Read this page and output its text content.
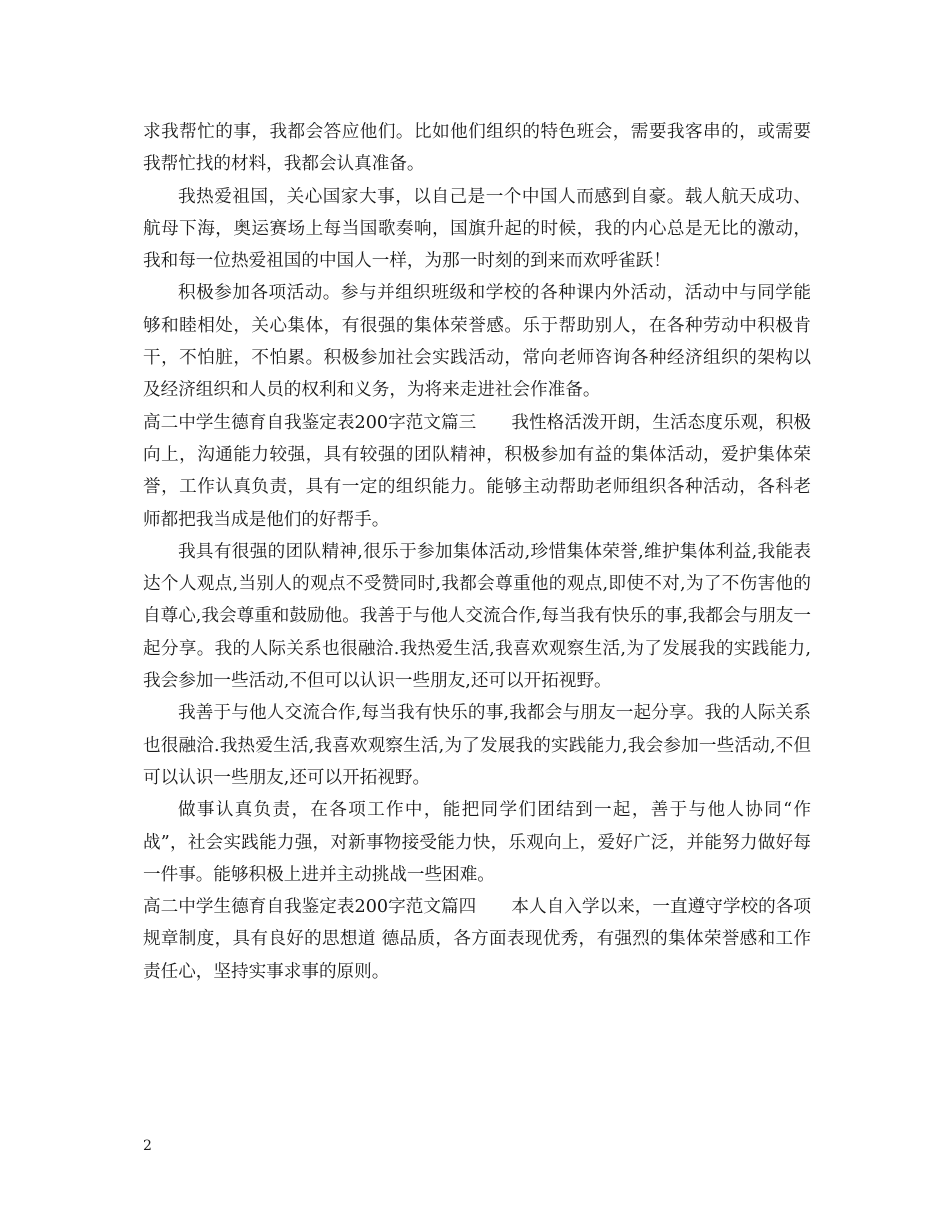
求我帮忙的事，我都会答应他们。比如他们组织的特色班会，需要我客串的，或需要我帮忙找的材料，我都会认真准备。

我热爱祖国，关心国家大事，以自己是一个中国人而感到自豪。载人航天成功、航母下海，奥运赛场上每当国歌奏响，国旗升起的时候，我的内心总是无比的激动，我和每一位热爱祖国的中国人一样，为那一时刻的到来而欢呼雀跃！

积极参加各项活动。参与并组织班级和学校的各种课内外活动，活动中与同学能够和睦相处，关心集体，有很强的集体荣誉感。乐于帮助别人，在各种劳动中积极肯干，不怕脏，不怕累。积极参加社会实践活动，常向老师咨询各种经济组织的架构以及经济组织和人员的权利和义务，为将来走进社会作准备。

高二中学生德育自我鉴定表200字范文篇三 我性格活泼开朗，生活态度乐观，积极向上，沟通能力较强，具有较强的团队精神，积极参加有益的集体活动，爱护集体荣誉，工作认真负责，具有一定的组织能力。能够主动帮助老师组织各种活动，各科老师都把我当成是他们的好帮手。

我具有很强的团队精神,很乐于参加集体活动,珍惜集体荣誉,维护集体利益,我能表达个人观点,当别人的观点不受赞同时,我都会尊重他的观点,即使不对,为了不伤害他的自尊心,我会尊重和鼓励他。我善于与他人交流合作,每当我有快乐的事,我都会与朋友一起分享。我的人际关系也很融洽.我热爱生活,我喜欢观察生活,为了发展我的实践能力,我会参加一些活动,不但可以认识一些朋友,还可以开拓视野。

我善于与他人交流合作,每当我有快乐的事,我都会与朋友一起分享。我的人际关系也很融洽.我热爱生活,我喜欢观察生活,为了发展我的实践能力,我会参加一些活动,不但可以认识一些朋友,还可以开拓视野。

做事认真负责，在各项工作中，能把同学们团结到一起，善于与他人协同“作战”，社会实践能力强，对新事物接受能力快，乐观向上，爱好广泛，并能努力做好每一件事。能够积极上进并主动挑战一些困难。

高二中学生德育自我鉴定表200字范文篇四 本人自入学以来，一直遵守学校的各项规章制度，具有良好的思想道 德品质，各方面表现优秀，有强烈的集体荣誉感和工作责任心，坚持实事求事的原则。

2
